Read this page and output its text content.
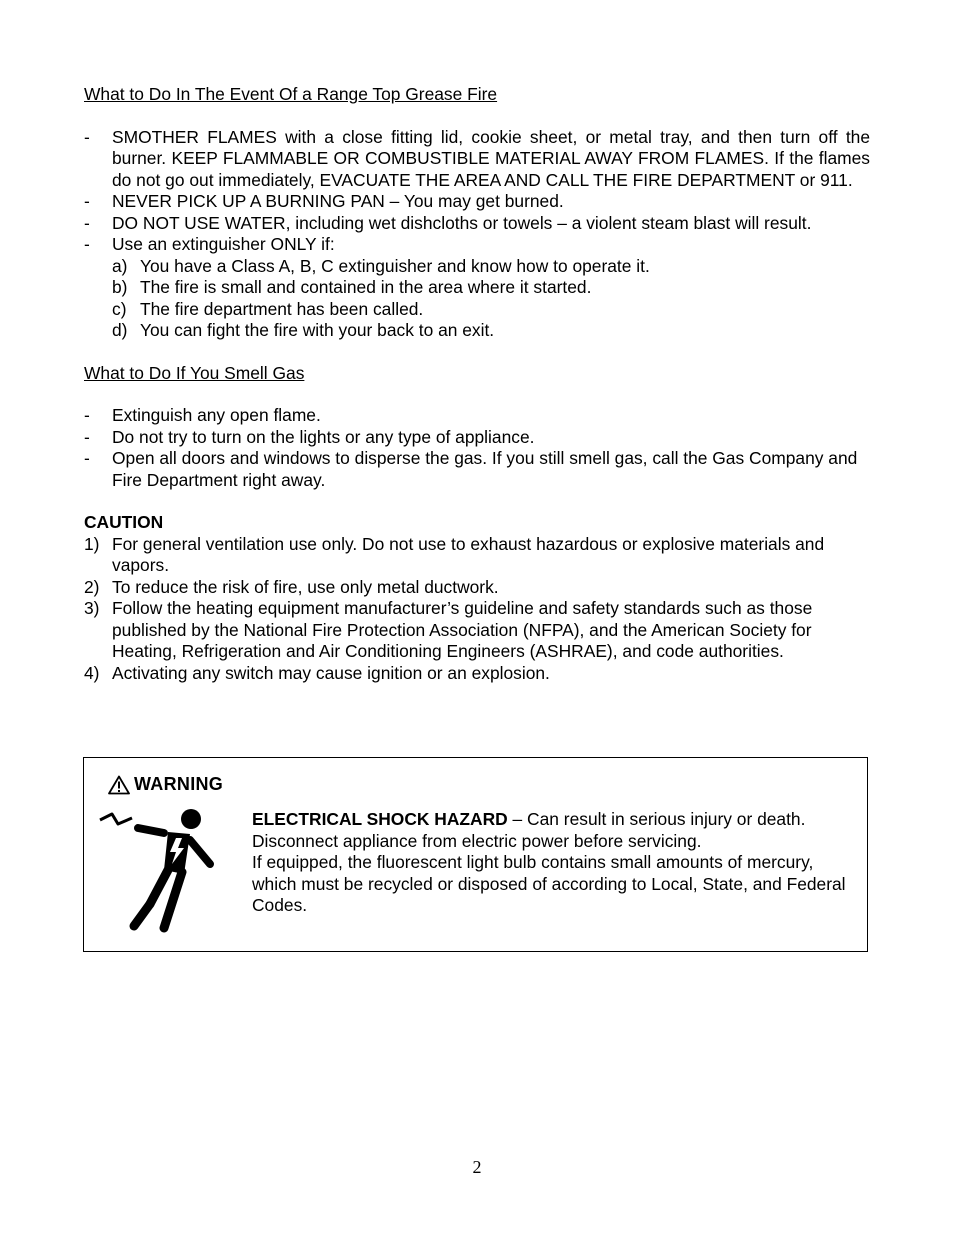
What to Do In The Event Of a Range Top Grease Fire
- SMOTHER FLAMES with a close fitting lid, cookie sheet, or metal tray, and then turn off the burner. KEEP FLAMMABLE OR COMBUSTIBLE MATERIAL AWAY FROM FLAMES. If the flames do not go out immediately, EVACUATE THE AREA AND CALL THE FIRE DEPARTMENT or 911.
- NEVER PICK UP A BURNING PAN – You may get burned.
- DO NOT USE WATER, including wet dishcloths or towels – a violent steam blast will result.
- Use an extinguisher ONLY if:
a) You have a Class A, B, C extinguisher and know how to operate it.
b) The fire is small and contained in the area where it started.
c) The fire department has been called.
d) You can fight the fire with your back to an exit.
What to Do If You Smell Gas
- Extinguish any open flame.
- Do not try to turn on the lights or any type of appliance.
- Open all doors and windows to disperse the gas. If you still smell gas, call the Gas Company and Fire Department right away.
CAUTION
1) For general ventilation use only. Do not use to exhaust hazardous or explosive materials and vapors.
2) To reduce the risk of fire, use only metal ductwork.
3) Follow the heating equipment manufacturer’s guideline and safety standards such as those published by the National Fire Protection Association (NFPA), and the American Society for Heating, Refrigeration and Air Conditioning Engineers (ASHRAE), and code authorities.
4) Activating any switch may cause ignition or an explosion.
WARNING
ELECTRICAL SHOCK HAZARD – Can result in serious injury or death.
Disconnect appliance from electric power before servicing.
If equipped, the fluorescent light bulb contains small amounts of mercury, which must be recycled or disposed of according to Local, State, and Federal Codes.
2
